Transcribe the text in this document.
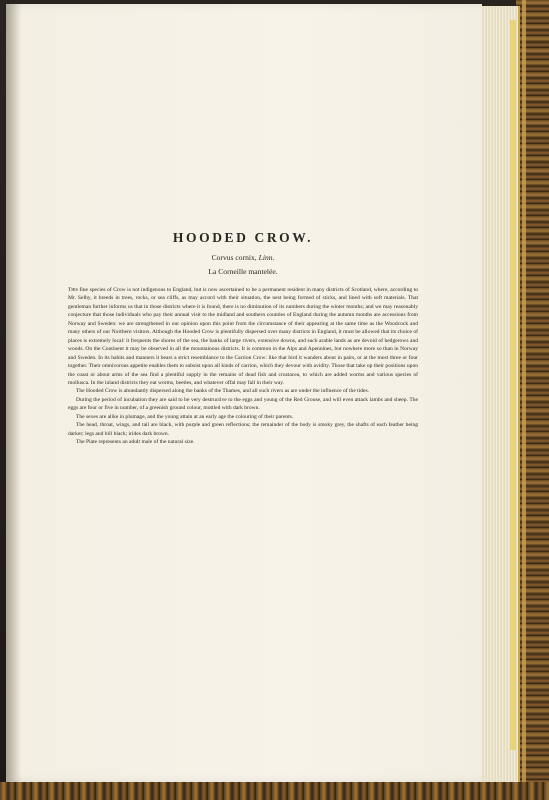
HOODED CROW.
Corvus cornix, Linn.
La Corneille mantelée.

This fine species of Crow is not indigenous to England, but is now ascertained to be a permanent resident in many districts of Scotland, where, according to Mr. Selby, it breeds in trees, rocks, or sea cliffs, as may accord with their situation, the nest being formed of sticks, and lined with soft materials. That gentleman further informs us that in those districts where it is found, there is no diminution of its numbers during the winter months; and we may reasonably conjecture that those individuals who pay their annual visit to the midland and southern counties of England during the autumn months are accessions from Norway and Sweden: we are strengthened in our opinion upon this point from the circumstance of their appearing at the same time as the Woodcock and many others of our Northern visitors. Although the Hooded Crow is plentifully dispersed over many districts in England, it must be allowed that its choice of places is extremely local: it frequents the shores of the sea, the banks of large rivers, extensive downs, and such arable lands as are devoid of hedgerows and woods. On the Continent it may be observed in all the mountainous districts. It is common in the Alps and Apennines, but nowhere more so than in Norway and Sweden. In its habits and manners it bears a strict resemblance to the Carrion Crow: like that bird it wanders about in pairs, or at the most three or four together. Their omnivorous appetite enables them to subsist upon all kinds of carrion, which they devour with avidity. Those that take up their positions upon the coast or about arms of the sea find a plentiful supply in the remains of dead fish and crustacea, to which are added worms and various species of mollusca. In the inland districts they eat worms, beetles, and whatever offal may fall in their way.

The Hooded Crow is abundantly dispersed along the banks of the Thames, and all such rivers as are under the influence of the tides.

During the period of incubation they are said to be very destructive to the eggs and young of the Red Grouse, and will even attack lambs and sheep. The eggs are four or five in number, of a greenish ground colour, mottled with dark brown.

The sexes are alike in plumage, and the young attain at an early age the colouring of their parents.

The head, throat, wings, and tail are black, with purple and green reflections; the remainder of the body is smoky grey, the shafts of each feather being darker; legs and bill black; irides dark brown.

The Plate represents an adult male of the natural size.
